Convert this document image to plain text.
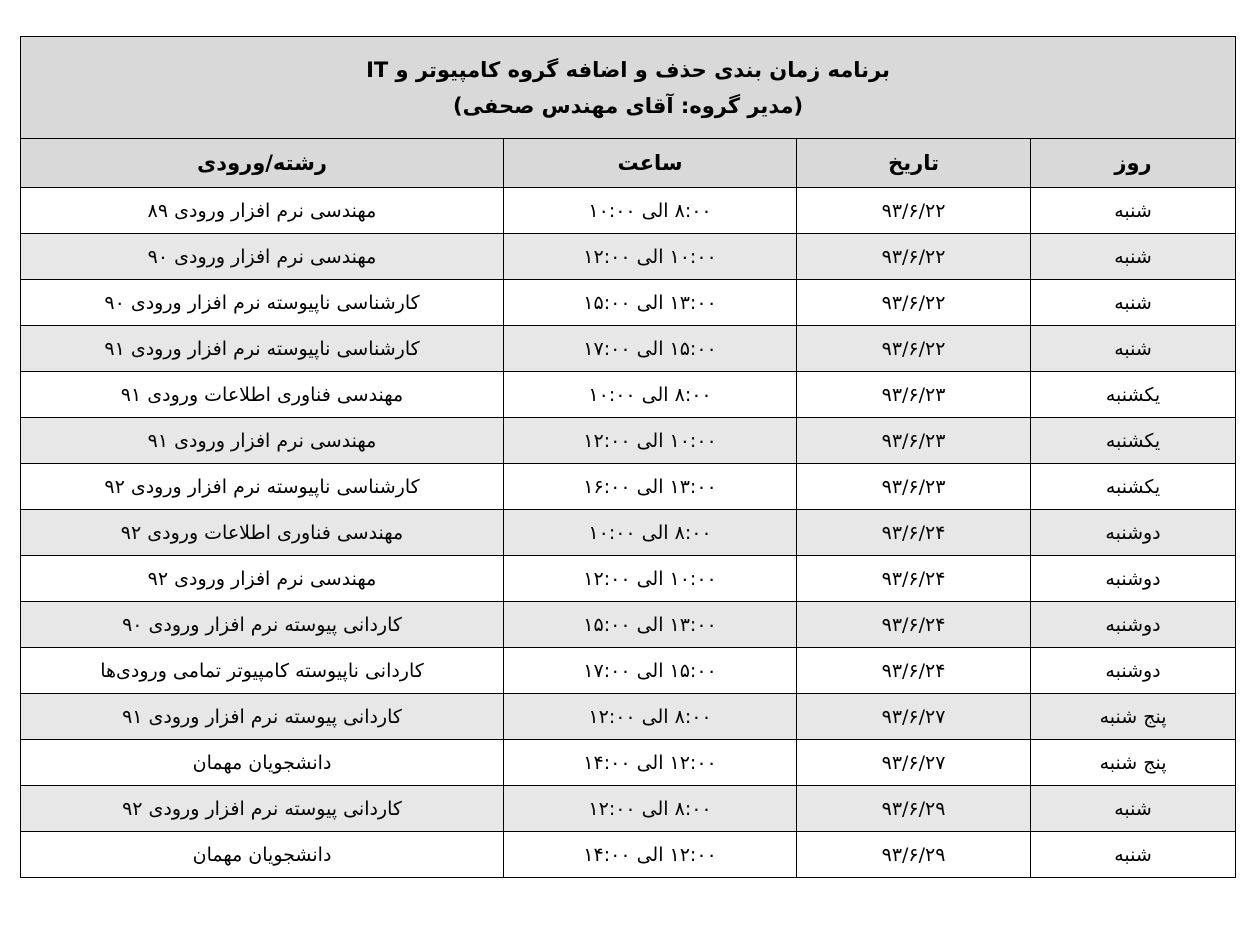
برنامه زمان بندی حذف و اضافه گروه کامپیوتر و IT
(مدیر گروه: آقای مهندس صحفی)			

روز	تاریخ	ساعت	رشته/ورودی
شنبه	۹۳/۶/۲۲	۸:۰۰ الی ۱۰:۰۰	مهندسی نرم افزار ورودی ۸۹
شنبه	۹۳/۶/۲۲	۱۰:۰۰ الی ۱۲:۰۰	مهندسی نرم افزار ورودی ۹۰
شنبه	۹۳/۶/۲۲	۱۳:۰۰ الی ۱۵:۰۰	کارشناسی ناپیوسته نرم افزار ورودی ۹۰
شنبه	۹۳/۶/۲۲	۱۵:۰۰ الی ۱۷:۰۰	کارشناسی ناپیوسته نرم افزار ورودی ۹۱
یکشنبه	۹۳/۶/۲۳	۸:۰۰ الی ۱۰:۰۰	مهندسی فناوری اطلاعات ورودی ۹۱
یکشنبه	۹۳/۶/۲۳	۱۰:۰۰ الی ۱۲:۰۰	مهندسی نرم افزار ورودی ۹۱
یکشنبه	۹۳/۶/۲۳	۱۳:۰۰ الی ۱۶:۰۰	کارشناسی ناپیوسته نرم افزار ورودی ۹۲
دوشنبه	۹۳/۶/۲۴	۸:۰۰ الی ۱۰:۰۰	مهندسی فناوری اطلاعات ورودی ۹۲
دوشنبه	۹۳/۶/۲۴	۱۰:۰۰ الی ۱۲:۰۰	مهندسی نرم افزار ورودی ۹۲
دوشنبه	۹۳/۶/۲۴	۱۳:۰۰ الی ۱۵:۰۰	کاردانی پیوسته نرم افزار ورودی ۹۰
دوشنبه	۹۳/۶/۲۴	۱۵:۰۰ الی ۱۷:۰۰	کاردانی ناپیوسته کامپیوتر تمامی ورودی‌ها
پنج شنبه	۹۳/۶/۲۷	۸:۰۰ الی ۱۲:۰۰	کاردانی پیوسته نرم افزار ورودی ۹۱
پنج شنبه	۹۳/۶/۲۷	۱۲:۰۰ الی ۱۴:۰۰	دانشجویان مهمان
شنبه	۹۳/۶/۲۹	۸:۰۰ الی ۱۲:۰۰	کاردانی پیوسته نرم افزار ورودی ۹۲
شنبه	۹۳/۶/۲۹	۱۲:۰۰ الی ۱۴:۰۰	دانشجویان مهمان
